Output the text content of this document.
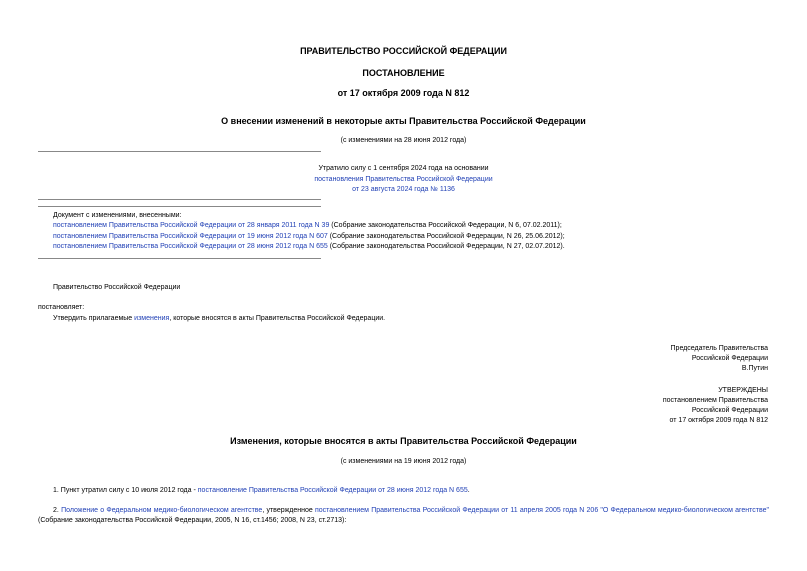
ПРАВИТЕЛЬСТВО РОССИЙСКОЙ ФЕДЕРАЦИИ
ПОСТАНОВЛЕНИЕ
от 17 октября 2009 года N 812
О внесении изменений в некоторые акты Правительства Российской Федерации
(с изменениями на 28 июня 2012 года)
Утратило силу с 1 сентября 2024 года на основании
постановления Правительства Российской Федерации
от 23 августа 2024 года № 1136
Документ с изменениями, внесенными:
постановлением Правительства Российской Федерации от 28 января 2011 года N 39 (Собрание законодательства Российской Федерации, N 6, 07.02.2011);
постановлением Правительства Российской Федерации от 19 июня 2012 года N 607 (Собрание законодательства Российской Федерации, N 26, 25.06.2012);
постановлением Правительства Российской Федерации от 28 июня 2012 года N 655 (Собрание законодательства Российской Федерации, N 27, 02.07.2012).
Правительство Российской Федерации
постановляет:
Утвердить прилагаемые изменения, которые вносятся в акты Правительства Российской Федерации.
Председатель Правительства
Российской Федерации
В.Путин
УТВЕРЖДЕНЫ
постановлением Правительства
Российской Федерации
от 17 октября 2009 года N 812
Изменения, которые вносятся в акты Правительства Российской Федерации
(с изменениями на 19 июня 2012 года)
1. Пункт утратил силу с 10 июля 2012 года - постановление Правительства Российской Федерации от 28 июня 2012 года N 655.
2. Положение о Федеральном медико-биологическом агентстве, утвержденное постановлением Правительства Российской Федерации от 11 апреля 2005 года N 206 "О Федеральном медико-биологическом агентстве" (Собрание законодательства Российской Федерации, 2005, N 16, ст.1456; 2008, N 23, ст.2713):
